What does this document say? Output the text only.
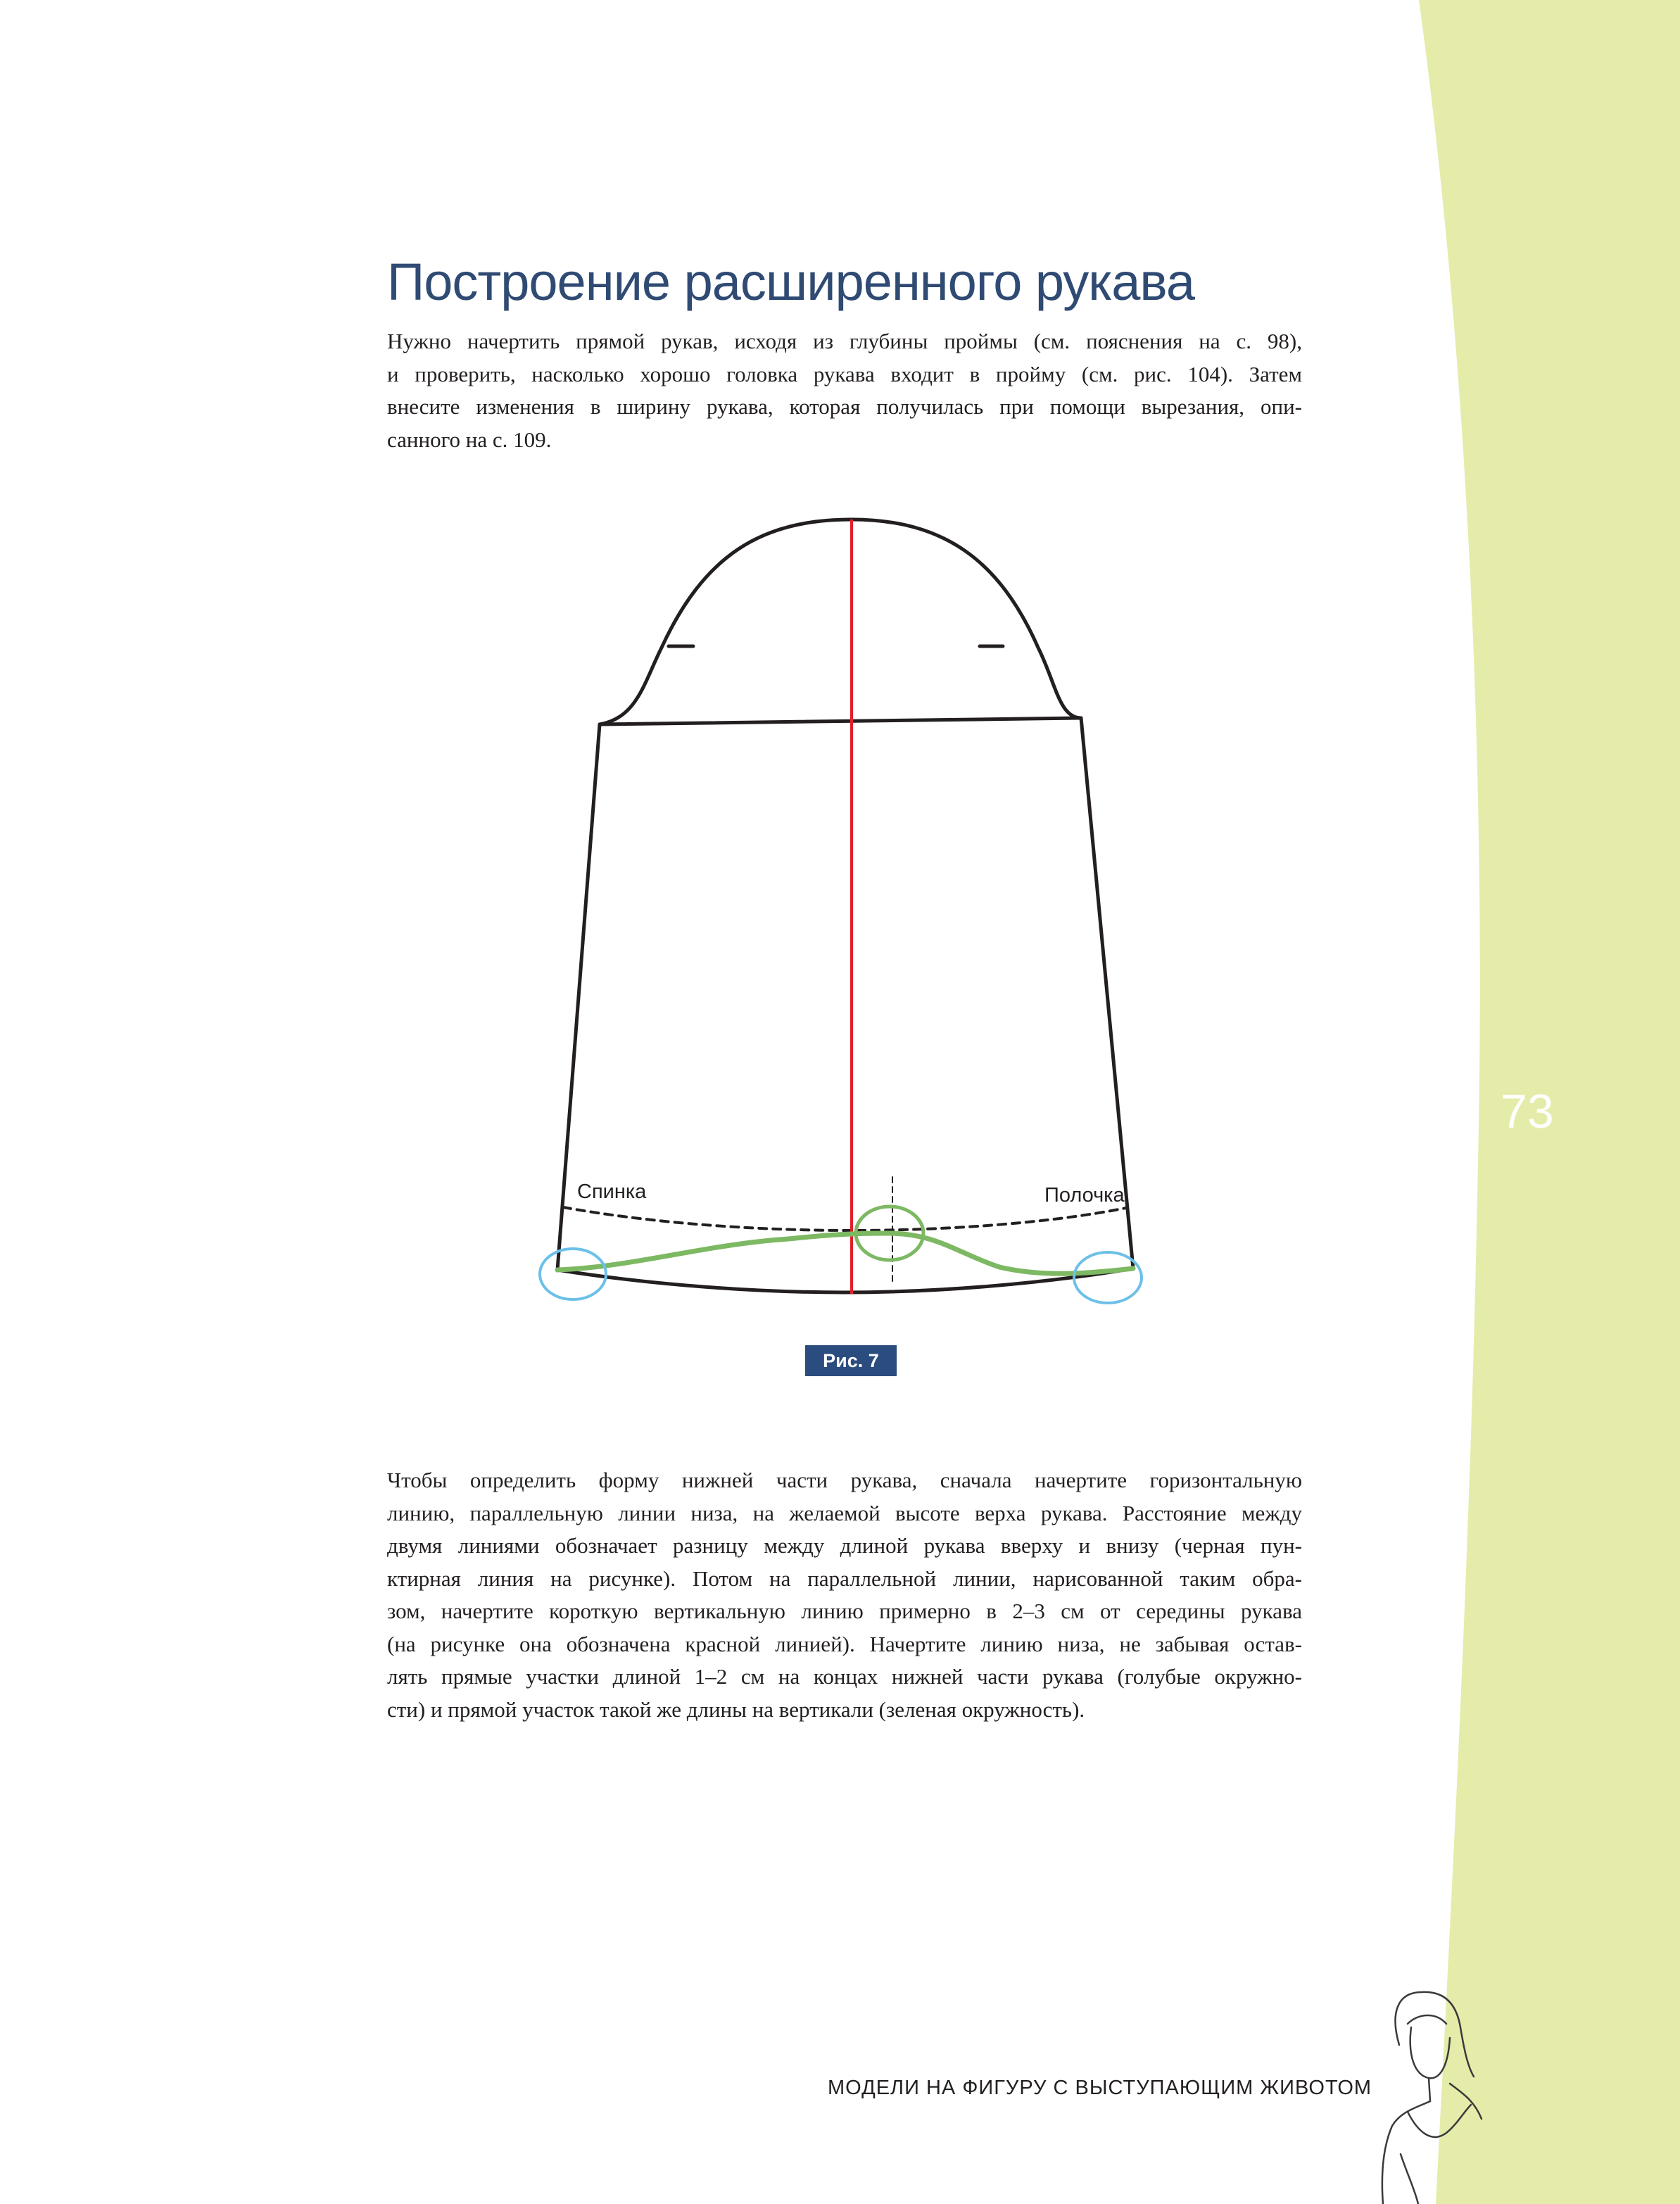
Построение расширенного рукава

Нужно начертить прямой рукав, исходя из глубины проймы (см. пояснения на с. 98),
и проверить, насколько хорошо головка рукава входит в пройму (см. рис. 104). Затем
внесите изменения в ширину рукава, которая получилась при помощи вырезания, опи-
санного на с. 109.

Спинка	Полочка
Рис. 7

Чтобы определить форму нижней части рукава, сначала начертите горизонтальную
линию, параллельную линии низа, на желаемой высоте верха рукава. Расстояние между
двумя линиями обозначает разницу между длиной рукава вверху и внизу (черная пун-
ктирная линия на рисунке). Потом на параллельной линии, нарисованной таким обра-
зом, начертите короткую вертикальную линию примерно в 2–3 см от середины рукава
(на рисунке она обозначена красной линией). Начертите линию низа, не забывая остав-
лять прямые участки длиной 1–2 см на концах нижней части рукава (голубые окружно-
сти) и прямой участок такой же длины на вертикали (зеленая окружность).

73
МОДЕЛИ НА ФИГУРУ С ВЫСТУПАЮЩИМ ЖИВОТОМ
